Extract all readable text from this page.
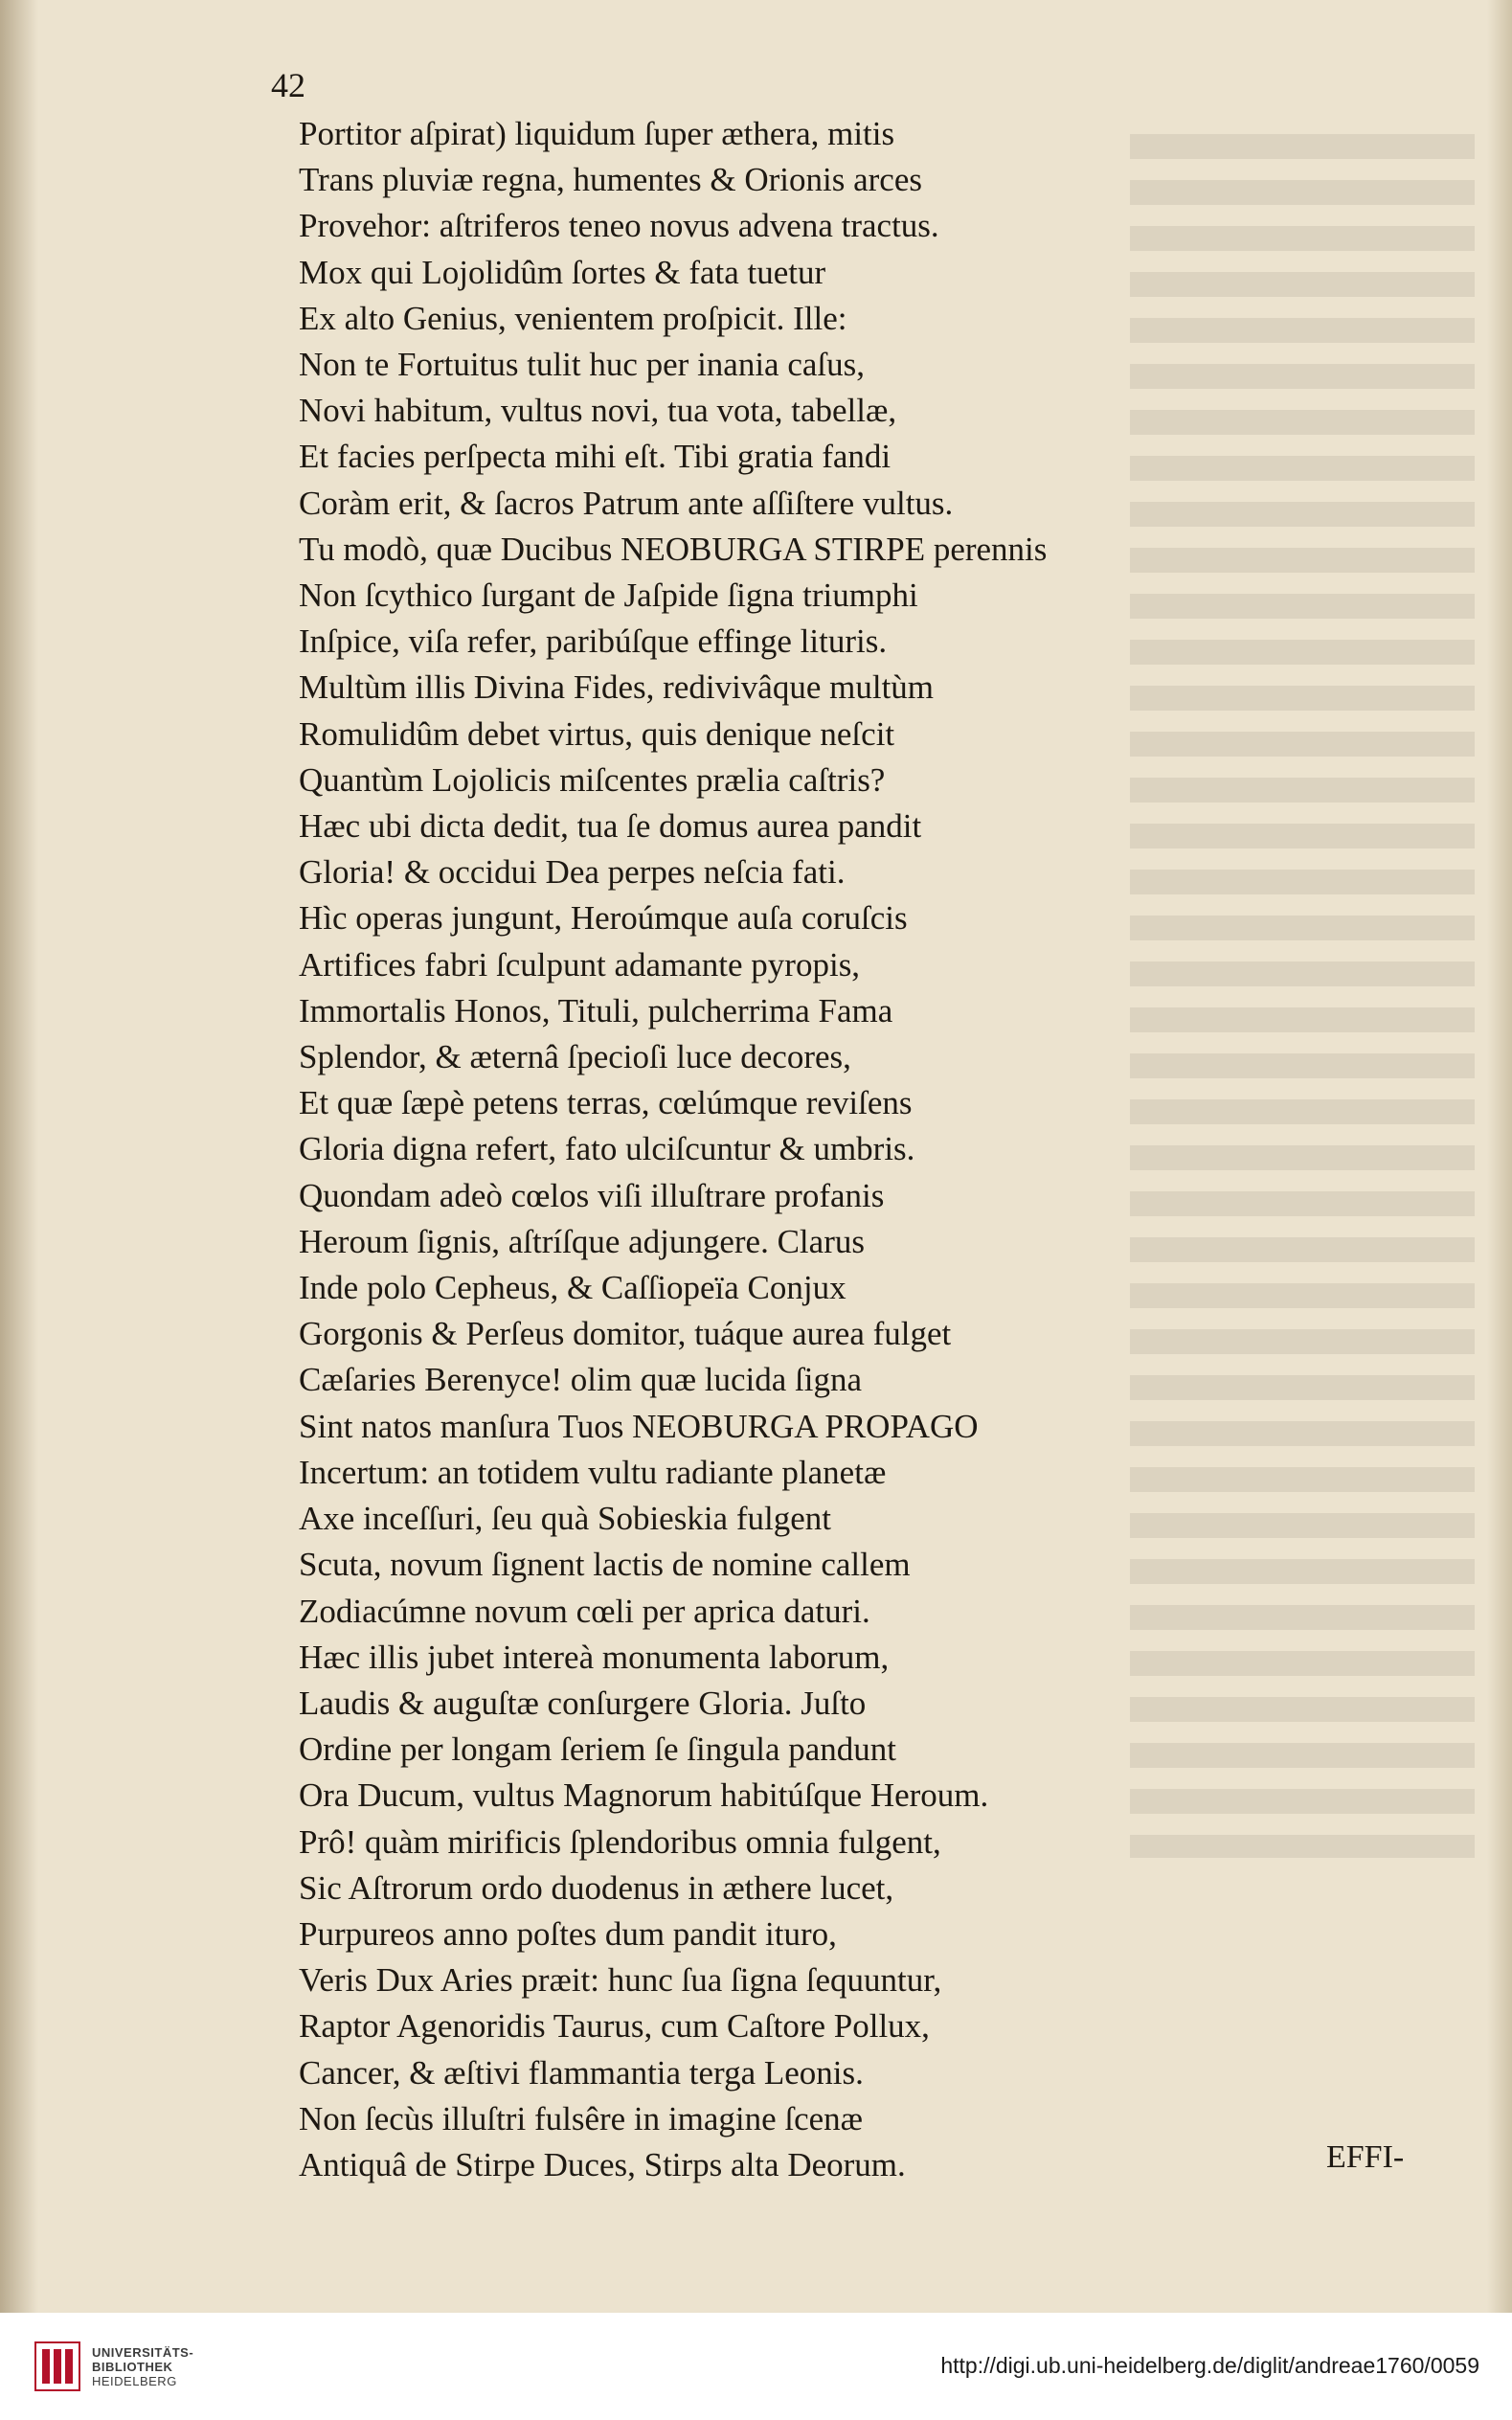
42
Portitor aſpirat) liquidum ſuper æthera, mitis
Trans pluviæ regna, humentes & Orionis arces
Provehor: aſtriferos teneo novus advena tractus.
Mox qui Lojolidûm ſortes & fata tuetur
Ex alto Genius, venientem proſpicit. Ille:
Non te Fortuitus tulit huc per inania caſus,
Novi habitum, vultus novi, tua vota, tabellæ,
Et facies perſpecta mihi eſt. Tibi gratia fandi
Coràm erit, & ſacros Patrum ante aſſiſtere vultus.
Tu modò, quæ Ducibus NEOBURGA STIRPE perennis
Non ſcythico ſurgant de Jaſpide ſigna triumphi
Inſpice, viſa refer, paribúſque effinge lituris.
Multùm illis Divina Fides, redivivâque multùm
Romulidûm debet virtus, quis denique neſcit
Quantùm Lojolicis miſcentes prælia caſtris?
Hæc ubi dicta dedit, tua ſe domus aurea pandit
Gloria! & occidui Dea perpes neſcia fati.
Hìc operas jungunt, Heroúmque auſa coruſcis
Artifices fabri ſculpunt adamante pyropis,
Immortalis Honos, Tituli, pulcherrima Fama
Splendor, & æternâ ſpecioſi luce decores,
Et quæ ſæpè petens terras, cœlúmque reviſens
Gloria digna refert, fato ulciſcuntur & umbris.
Quondam adeò cœlos viſi illuſtrare profanis
Heroum ſignis, aſtríſque adjungere. Clarus
Inde polo Cepheus, & Caſſiopeïa Conjux
Gorgonis & Perſeus domitor, tuáque aurea fulget
Cæſaries Berenyce! olim quæ lucida ſigna
Sint natos manſura Tuos NEOBURGA PROPAGO
Incertum: an totidem vultu radiante planetæ
Axe inceſſuri, ſeu quà Sobieskia fulgent
Scuta, novum ſignent lactis de nomine callem
Zodiacúmne novum cœli per aprica daturi.
Hæc illis jubet intereà monumenta laborum,
Laudis & auguſtæ conſurgere Gloria. Juſto
Ordine per longam ſeriem ſe ſingula pandunt
Ora Ducum, vultus Magnorum habitúſque Heroum.
Prô! quàm mirificis ſplendoribus omnia fulgent,
Sic Aſtrorum ordo duodenus in æthere lucet,
Purpureos anno poſtes dum pandit ituro,
Veris Dux Aries præit: hunc ſua ſigna ſequuntur,
Raptor Agenoridis Taurus, cum Caſtore Pollux,
Cancer, & æſtivi flammantia terga Leonis.
Non ſecùs illuſtri fulsêre in imagine ſcenæ
Antiquâ de Stirpe Duces, Stirps alta Deorum.	EFFI-
UNIVERSITÄTS-
BIBLIOTHEK
HEIDELBERG
http://digi.ub.uni-heidelberg.de/diglit/andreae1760/0059
